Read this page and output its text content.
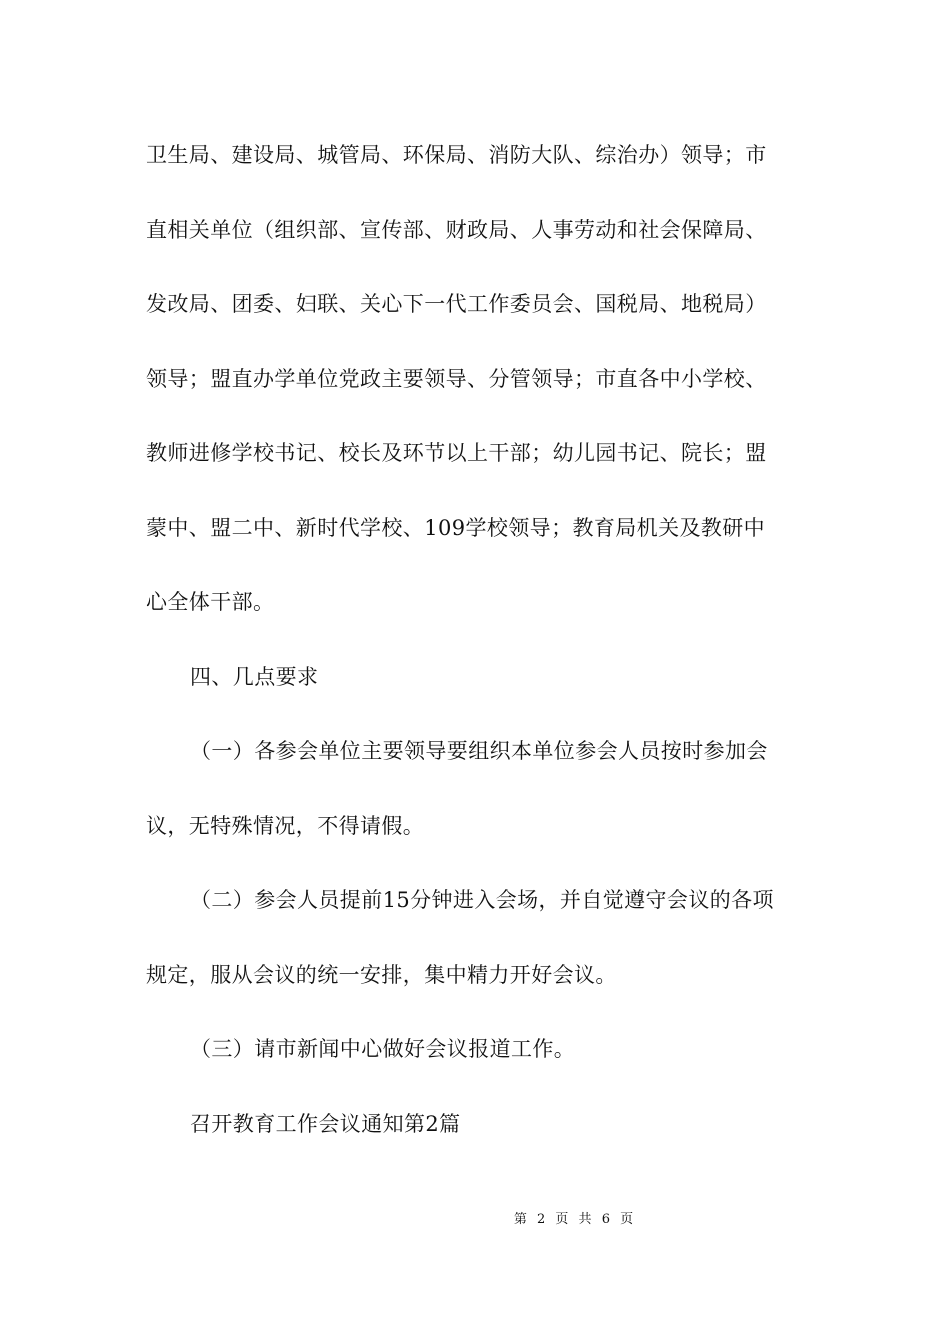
卫生局、建设局、城管局、环保局、消防大队、综治办）领导；市
直相关单位（组织部、宣传部、财政局、人事劳动和社会保障局、
发改局、团委、妇联、关心下一代工作委员会、国税局、地税局）
领导；盟直办学单位党政主要领导、分管领导；市直各中小学校、
教师进修学校书记、校长及环节以上干部；幼儿园书记、院长；盟
蒙中、盟二中、新时代学校、109学校领导；教育局机关及教研中
心全体干部。
四、几点要求
（一）各参会单位主要领导要组织本单位参会人员按时参加会
议，无特殊情况，不得请假。
（二）参会人员提前15分钟进入会场，并自觉遵守会议的各项
规定，服从会议的统一安排，集中精力开好会议。
（三）请市新闻中心做好会议报道工作。
召开教育工作会议通知第2篇
第 2 页 共 6 页
